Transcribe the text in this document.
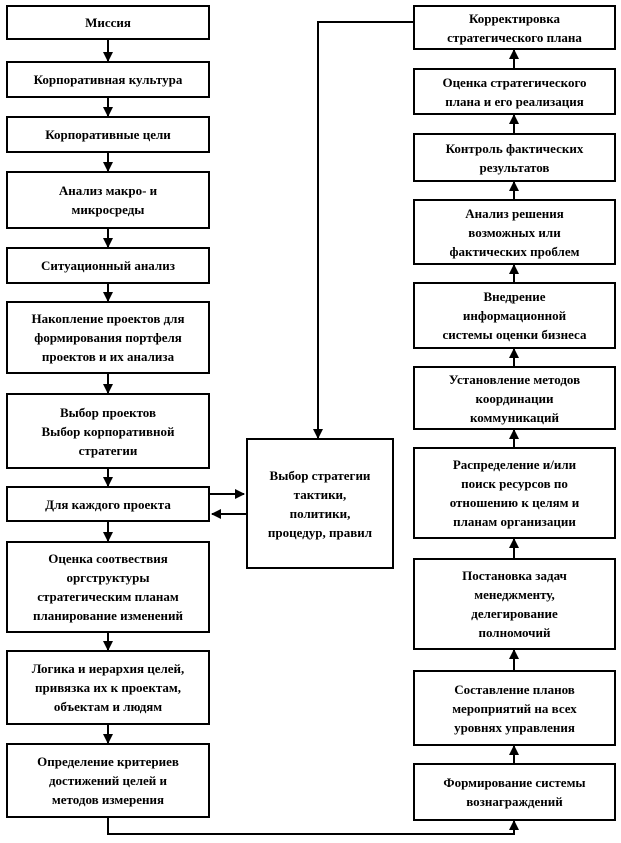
Миссия
Корпоративная культура
Корпоративные цели
Анализ макро- и
микросреды
Ситуационный анализ
Накопление проектов для
формирования портфеля
проектов и их анализа
Выбор проектов
Выбор корпоративной
стратегии
Для каждого проекта
Оценка соотвествия
оргструктуры
стратегическим планам
планирование изменений
Логика и иерархия целей,
привязка их к проектам,
объектам и людям
Определение критериев
достижений целей и
методов измерения
Выбор стратегии
тактики,
политики,
процедур, правил
Корректировка
стратегического плана
Оценка стратегического
плана и его реализация
Контроль фактических
результатов
Анализ решения
возможных или
фактических проблем
Внедрение
информационной
системы оценки бизнеса
Установление методов
координации
коммуникаций
Распределение и/или
поиск ресурсов по
отношению к целям и
планам организации
Постановка задач
менеджменту,
делегирование
полномочий
Составление планов
мероприятий на всех
уровнях управления
Формирование системы
вознаграждений
